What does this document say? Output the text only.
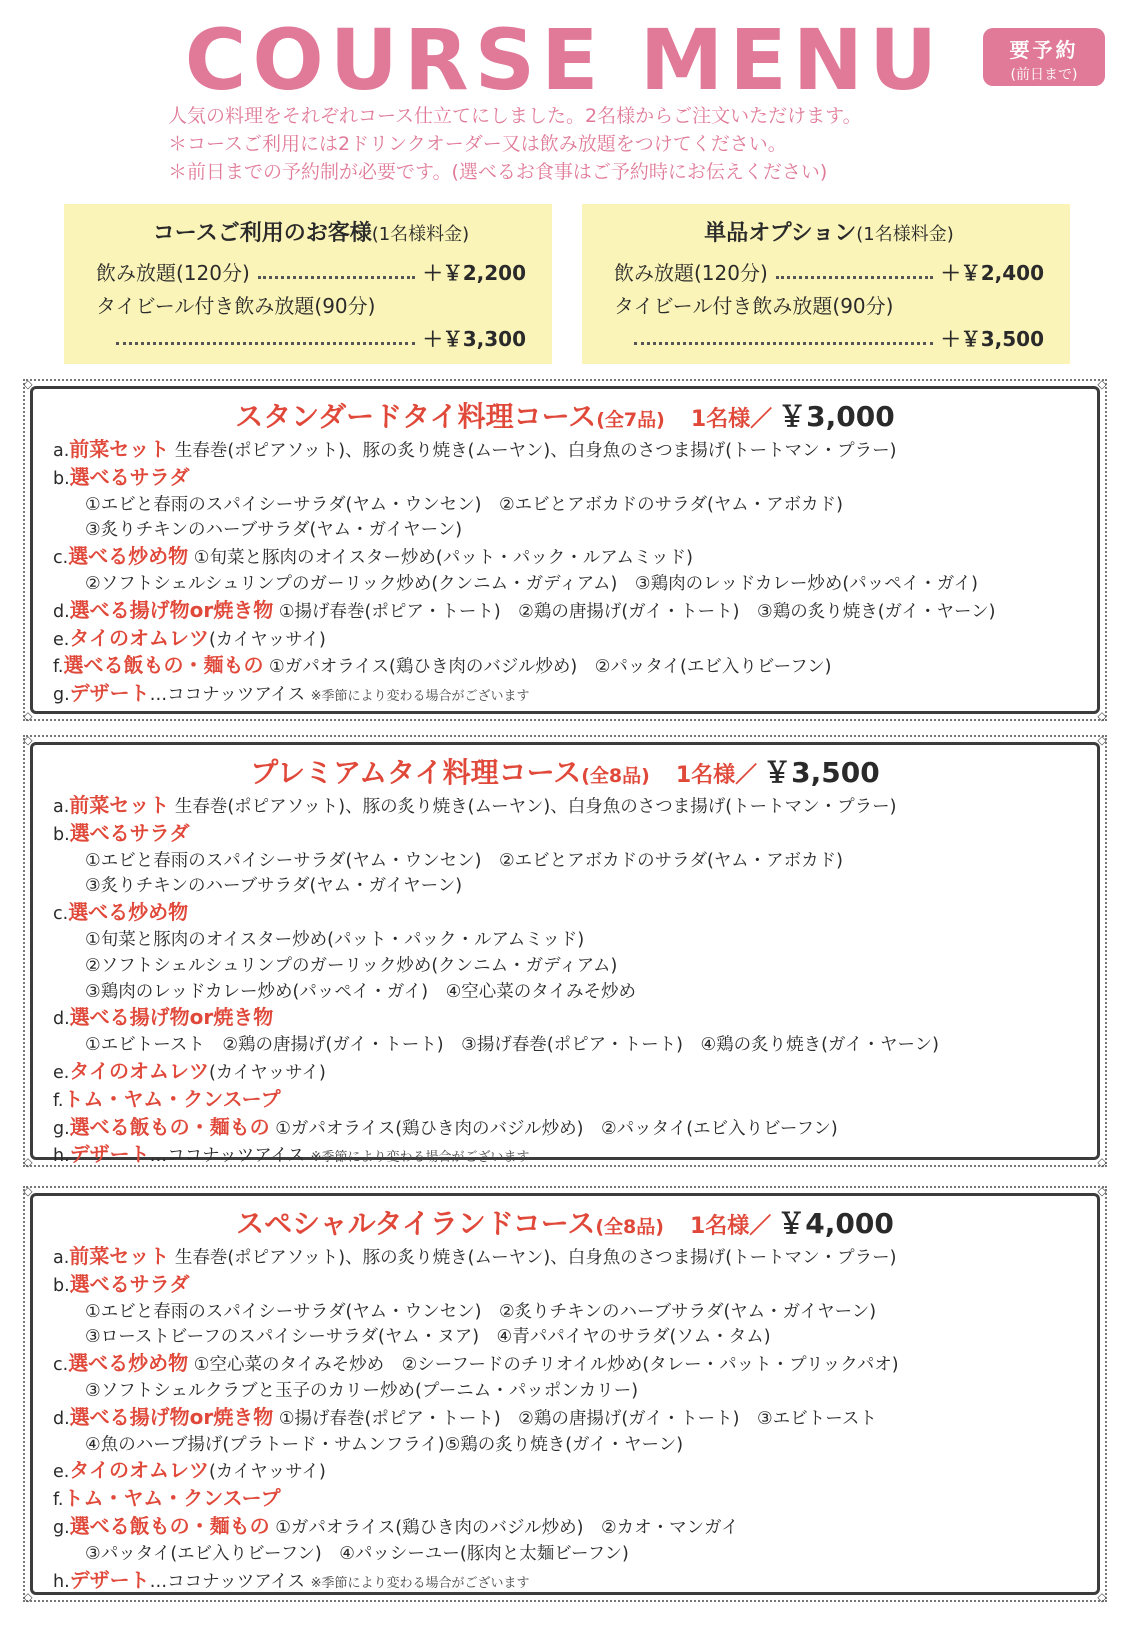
COURSE MENU	要予約
(前日まで)
人気の料理をそれぞれコース仕立てにしました。2名様からご注文いただけます。
＊コースご利用には2ドリンクオーダー又は飲み放題をつけてください。
＊前日までの予約制が必要です。(選べるお食事はご予約時にお伝えください)
コースご利用のお客様(1名様料金)
飲み放題(120分)	＋￥2,200
タイビール付き飲み放題(90分)
＋￥3,300
単品オプション(1名様料金)
飲み放題(120分)	＋￥2,400
タイビール付き飲み放題(90分)
＋￥3,500
◇	◇
◇	◇
スタンダードタイ料理コース(全7品) 1名様／ ￥3,000
a.前菜セット 生春巻(ポピアソット)、豚の炙り焼き(ムーヤン)、白身魚のさつま揚げ(トートマン・プラー)
b.選べるサラダ
①エビと春雨のスパイシーサラダ(ヤム・ウンセン)　②エビとアボカドのサラダ(ヤム・アボカド)
③炙りチキンのハーブサラダ(ヤム・ガイヤーン)
c.選べる炒め物 ①旬菜と豚肉のオイスター炒め(パット・パック・ルアムミッド)
②ソフトシェルシュリンプのガーリック炒め(クンニム・ガディアム)　③鶏肉のレッドカレー炒め(パッペイ・ガイ)
d.選べる揚げ物or焼き物 ①揚げ春巻(ポピア・トート)　②鶏の唐揚げ(ガイ・トート)　③鶏の炙り焼き(ガイ・ヤーン)
e.タイのオムレツ(カイヤッサイ)
f.選べる飯もの・麺もの ①ガパオライス(鶏ひき肉のバジル炒め)　②パッタイ(エビ入りビーフン)
g.デザート…ココナッツアイス ※季節により変わる場合がございます
◇	◇
◇	◇
プレミアムタイ料理コース(全8品) 1名様／ ￥3,500
a.前菜セット 生春巻(ポピアソット)、豚の炙り焼き(ムーヤン)、白身魚のさつま揚げ(トートマン・プラー)
b.選べるサラダ
①エビと春雨のスパイシーサラダ(ヤム・ウンセン)　②エビとアボカドのサラダ(ヤム・アボカド)
③炙りチキンのハーブサラダ(ヤム・ガイヤーン)
c.選べる炒め物
①旬菜と豚肉のオイスター炒め(パット・パック・ルアムミッド)
②ソフトシェルシュリンプのガーリック炒め(クンニム・ガディアム)
③鶏肉のレッドカレー炒め(パッペイ・ガイ)　④空心菜のタイみそ炒め
d.選べる揚げ物or焼き物
①エビトースト　②鶏の唐揚げ(ガイ・トート)　③揚げ春巻(ポピア・トート)　④鶏の炙り焼き(ガイ・ヤーン)
e.タイのオムレツ(カイヤッサイ)
f.トム・ヤム・クンスープ
g.選べる飯もの・麺もの ①ガパオライス(鶏ひき肉のバジル炒め)　②パッタイ(エビ入りビーフン)
h.デザート…ココナッツアイス ※季節により変わる場合がございます
◇	◇
◇	◇
スペシャルタイランドコース(全8品) 1名様／ ￥4,000
a.前菜セット 生春巻(ポピアソット)、豚の炙り焼き(ムーヤン)、白身魚のさつま揚げ(トートマン・プラー)
b.選べるサラダ
①エビと春雨のスパイシーサラダ(ヤム・ウンセン)　②炙りチキンのハーブサラダ(ヤム・ガイヤーン)
③ローストビーフのスパイシーサラダ(ヤム・ヌア)　④青パパイヤのサラダ(ソム・タム)
c.選べる炒め物 ①空心菜のタイみそ炒め　②シーフードのチリオイル炒め(タレー・パット・プリックパオ)
③ソフトシェルクラブと玉子のカリー炒め(プーニム・パッポンカリー)
d.選べる揚げ物or焼き物 ①揚げ春巻(ポピア・トート)　②鶏の唐揚げ(ガイ・トート)　③エビトースト
④魚のハーブ揚げ(プラトード・サムンフライ)⑤鶏の炙り焼き(ガイ・ヤーン)
e.タイのオムレツ(カイヤッサイ)
f.トム・ヤム・クンスープ
g.選べる飯もの・麺もの ①ガパオライス(鶏ひき肉のバジル炒め)　②カオ・マンガイ
③パッタイ(エビ入りビーフン)　④パッシーユー(豚肉と太麺ビーフン)
h.デザート…ココナッツアイス ※季節により変わる場合がございます
